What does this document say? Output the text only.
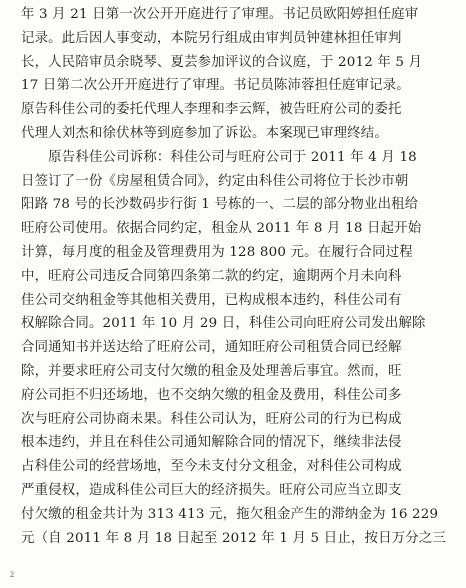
年 3 月 21 日第一次公开开庭进行了审理。书记员欧阳婷担任庭审
记录。此后因人事变动，本院另行组成由审判员钟建林担任审判
长，人民陪审员余晓琴、夏芸参加评议的合议庭，于 2012 年 5 月
17 日第二次公开开庭进行了审理。书记员陈沛蓉担任庭审记录。
原告科佳公司的委托代理人李理和李云辉，被告旺府公司的委托
代理人刘杰和徐伏林等到庭参加了诉讼。本案现已审理终结。
　　原告科佳公司诉称：科佳公司与旺府公司于 2011 年 4 月 18
日签订了一份《房屋租赁合同》，约定由科佳公司将位于长沙市朝
阳路 78 号的长沙数码步行街 1 号栋的一、二层的部分物业出租给
旺府公司使用。依据合同约定，租金从 2011 年 8 月 18 日起开始
计算，每月度的租金及管理费用为 128 800 元。在履行合同过程
中，旺府公司违反合同第四条第二款的约定，逾期两个月未向科
佳公司交纳租金等其他相关费用，已构成根本违约，科佳公司有
权解除合同。2011 年 10 月 29 日，科佳公司向旺府公司发出解除
合同通知书并送达给了旺府公司，通知旺府公司租赁合同已经解
除，并要求旺府公司支付欠缴的租金及处理善后事宜。然而，旺
府公司拒不归还场地，也不交纳欠缴的租金及费用，科佳公司多
次与旺府公司协商未果。科佳公司认为，旺府公司的行为已构成
根本违约，并且在科佳公司通知解除合同的情况下，继续非法侵
占科佳公司的经营场地，至今未支付分文租金，对科佳公司构成
严重侵权，造成科佳公司巨大的经济损失。旺府公司应当立即支
付欠缴的租金共计为 313 413 元，拖欠租金产生的滞纳金为 16 229
元（自 2011 年 8 月 18 日起至 2012 年 1 月 5 日止，按日万分之三
2
